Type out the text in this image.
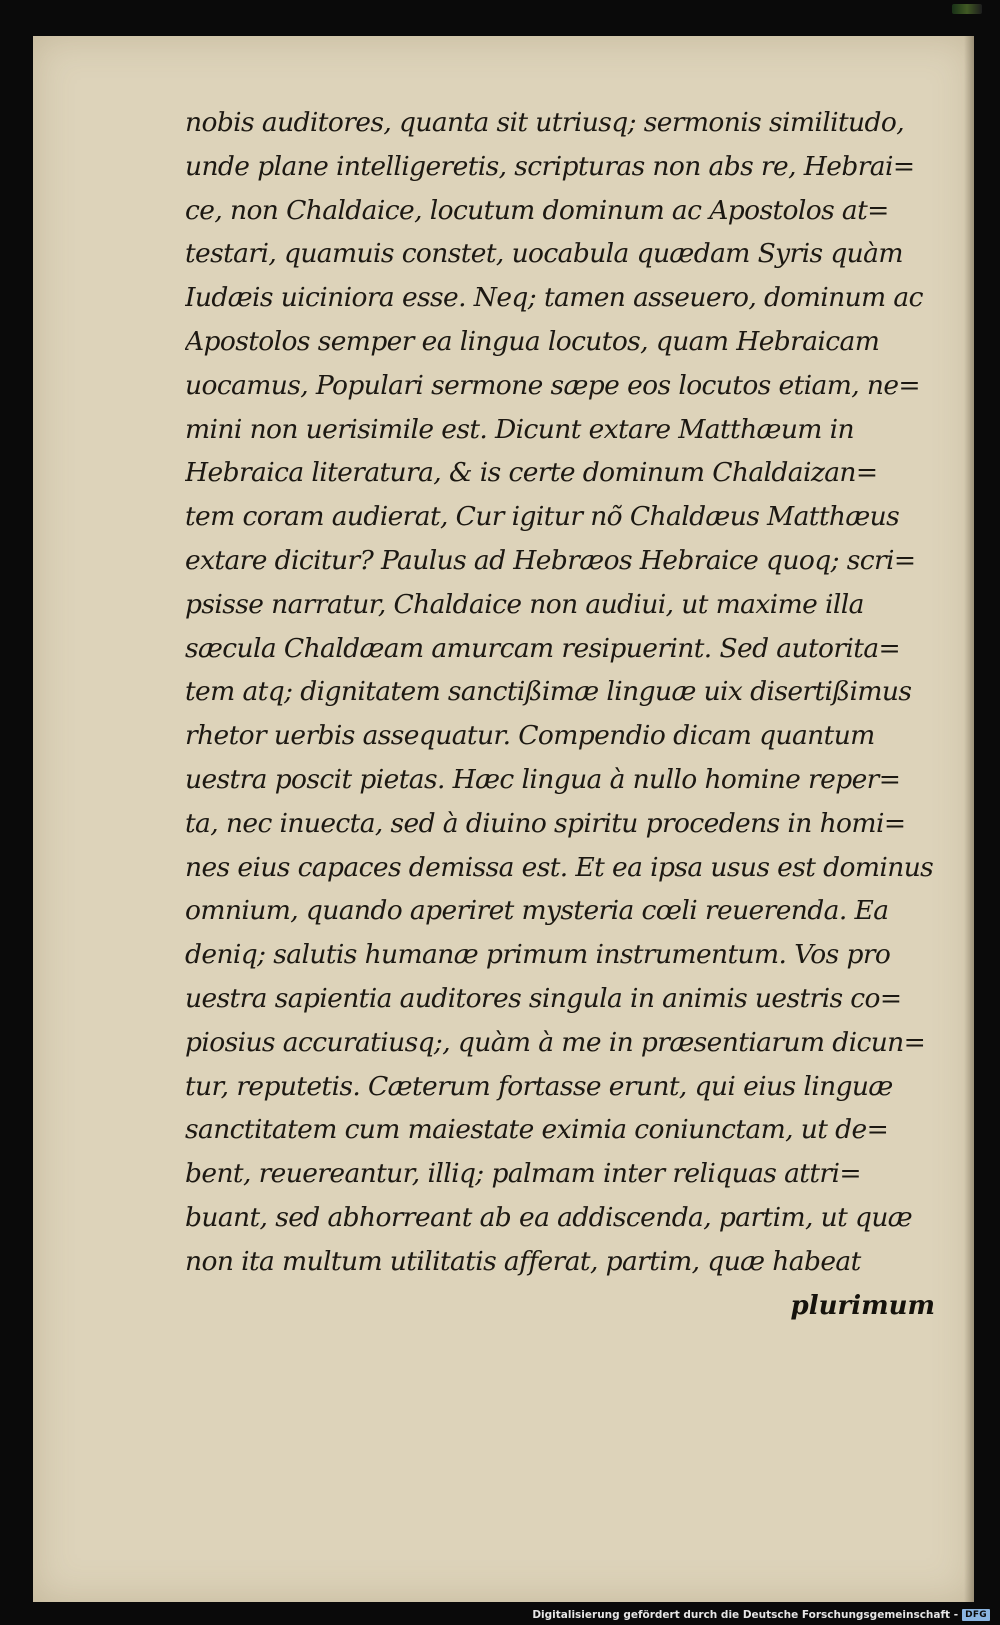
nobis auditores, quanta sit utriusq; sermonis similitudo,
unde plane intelligeretis, scripturas non abs re, Hebrai=
ce, non Chaldaice, locutum dominum ac Apostolos at=
testari, quamuis constet, uocabula quædam Syris quàm
Iudæis uiciniora esse. Neq; tamen asseuero, dominum ac
Apostolos semper ea lingua locutos, quam Hebraicam
uocamus, Populari sermone sæpe eos locutos etiam, ne=
mini non uerisimile est. Dicunt extare Matthæum in
Hebraica literatura, & is certe dominum Chaldaizan=
tem coram audierat, Cur igitur nõ Chaldæus Matthæus
extare dicitur? Paulus ad Hebræos Hebraice quoq; scri=
psisse narratur, Chaldaice non audiui, ut maxime illa
sæcula Chaldæam amurcam resipuerint. Sed autorita=
tem atq; dignitatem sanctißimæ linguæ uix disertißimus
rhetor uerbis assequatur. Compendio dicam quantum
uestra poscit pietas. Hæc lingua à nullo homine reper=
ta, nec inuecta, sed à diuino spiritu procedens in homi=
nes eius capaces demissa est. Et ea ipsa usus est dominus
omnium, quando aperiret mysteria cœli reuerenda. Ea
deniq; salutis humanæ primum instrumentum. Vos pro
uestra sapientia auditores singula in animis uestris co=
piosius accuratiusq;, quàm à me in præsentiarum dicun=
tur, reputetis. Cæterum fortasse erunt, qui eius linguæ
sanctitatem cum maiestate eximia coniunctam, ut de=
bent, reuereantur, illiq; palmam inter reliquas attri=
buant, sed abhorreant ab ea addiscenda, partim, ut quæ
non ita multum utilitatis afferat, partim, quæ habeat
plurimum
Digitalisierung gefördert durch die Deutsche Forschungsgemeinschaft - DFG
